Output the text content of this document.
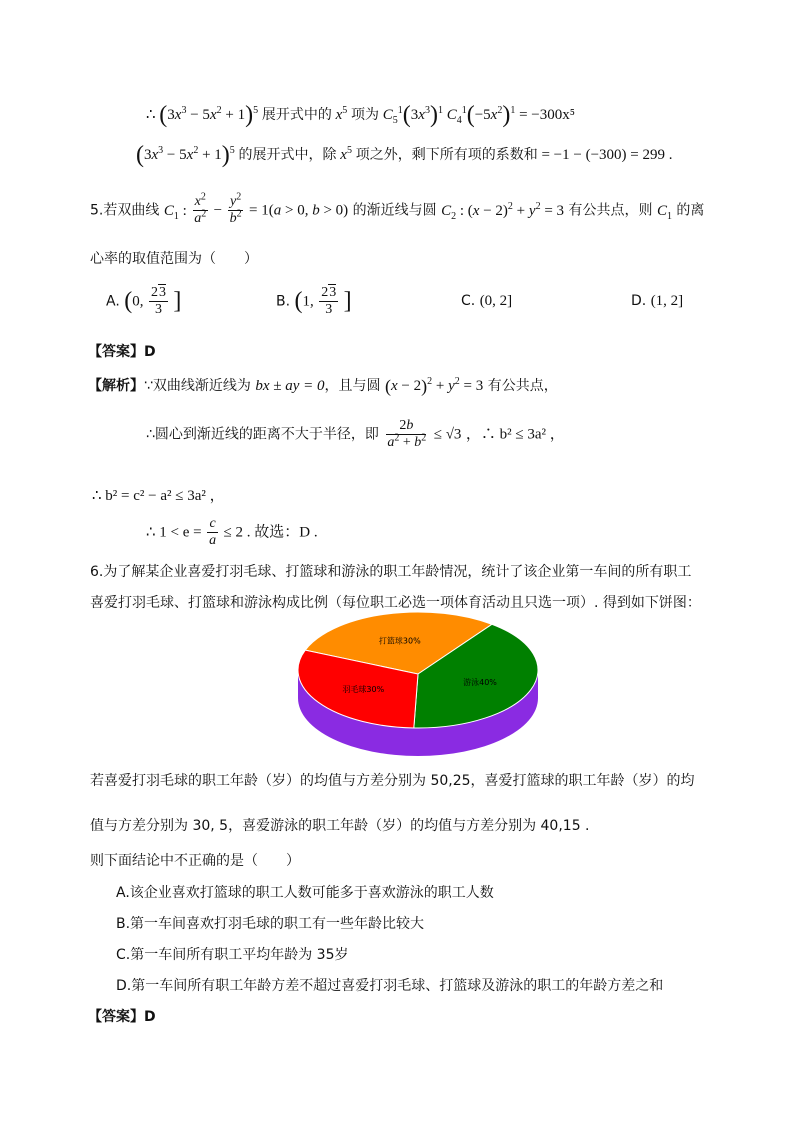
∴ $(3x^3 - 5x^2 + 1)^5$ 展开式中的 $x^5$ 项为 $C_5^1(3x^3)^1$ $C_4^1(-5x^2)^1 = -300x^5$
$(3x^3 - 5x^2 + 1)^5$ 的展开式中，除 $x^5$ 项之外，剩下所有项的系数和 = −1 − (−300) = 299 .
5.若双曲线 $C_1$ : $\frac{x^2}{a^2} - \frac{y^2}{b^2} = 1(a > 0$, b > 0) 的渐近线与圆 $C_2$ : $(x - 2)^2 + y^2 = 3$ 有公共点，则 $C_1$ 的离
心率的取值范围为（　　）
A. (0, $\frac{23}{3}$ ]	B. (1, $\frac{23}{3}$ ]	C. (0, 2]	D. (1, 2]
【答案】D
【解析】∵双曲线渐近线为 bx ± ay = 0，且与圆 $(x - 2)^2 + y^2 = 3$ 有公共点，
∴圆心到渐近线的距离不大于半径，即 $\frac{2b}{a^2 + b^2} \le √3$ ，∴ b² ≤ 3a² ，
∴ b² = c² − a² ≤ 3a² ，
∴ $1 < e = \frac{c}{a} \le 2$ . 故选：D .
6.为了解某企业喜爱打羽毛球、打篮球和游泳的职工年龄情况，统计了该企业第一车间的所有职工
喜爱打羽毛球、打篮球和游泳构成比例（每位职工必选一项体育活动且只选一项）. 得到如下饼图：
打篮球30%
游泳40%
羽毛球30%
若喜爱打羽毛球的职工年龄（岁）的均值与方差分别为 50,25，喜爱打篮球的职工年龄（岁）的均
值与方差分别为 30, 5，喜爱游泳的职工年龄（岁）的均值与方差分别为 40,15 .
则下面结论中不正确的是（　　）
A.该企业喜欢打篮球的职工人数可能多于喜欢游泳的职工人数
B.第一车间喜欢打羽毛球的职工有一些年龄比较大
C.第一车间所有职工平均年龄为 35岁
D.第一车间所有职工年龄方差不超过喜爱打羽毛球、打篮球及游泳的职工的年龄方差之和
【答案】D
